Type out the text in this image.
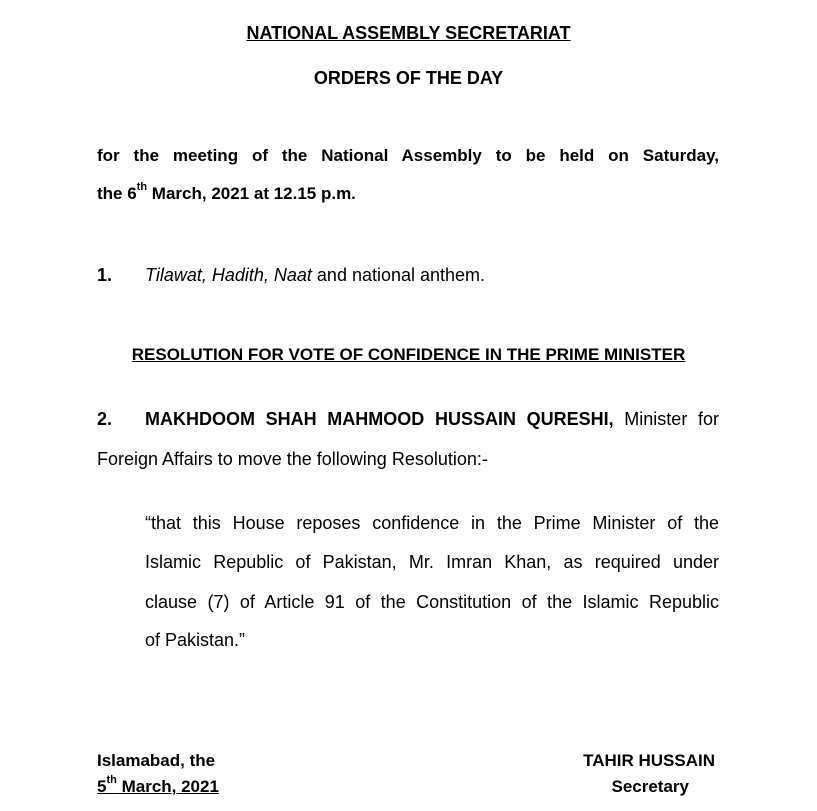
NATIONAL ASSEMBLY SECRETARIAT
ORDERS OF THE DAY
for the meeting of the National Assembly to be held on Saturday,
the 6th March, 2021 at 12.15 p.m.
1. Tilawat, Hadith, Naat and national anthem.
RESOLUTION FOR VOTE OF CONFIDENCE IN THE PRIME MINISTER
2. MAKHDOOM SHAH MAHMOOD HUSSAIN QURESHI, Minister for
Foreign Affairs to move the following Resolution:-
“that this House reposes confidence in the Prime Minister of the
Islamic Republic of Pakistan, Mr. Imran Khan, as required under
clause (7) of Article 91 of the Constitution of the Islamic Republic
of Pakistan.”
Islamabad, the
5th March, 2021
TAHIR HUSSAIN
Secretary
